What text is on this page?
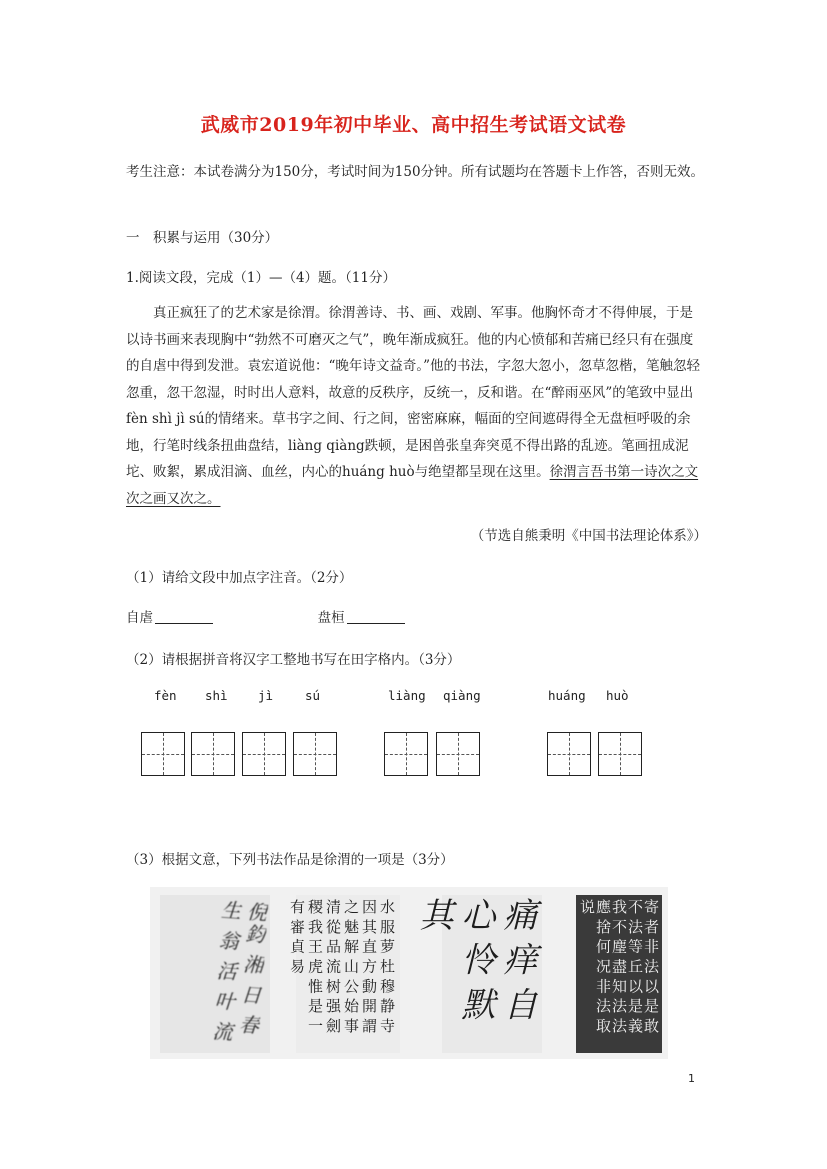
武威市2019年初中毕业、高中招生考试语文试卷
考生注意：本试卷满分为150分，考试时间为150分钟。所有试题均在答题卡上作答，否则无效。
一　积累与运用（30分）
1.阅读文段，完成（1）—（4）题。（11分）

真正疯狂了的艺术家是徐渭。徐渭善诗、书、画、戏剧、军事。他胸怀奇才不得伸展，于是以诗书画来表现胸中“勃然不可磨灭之气”，晚年渐成疯狂。他的内心愤郁和苦痛已经只有在强度的自虐中得到发泄。袁宏道说他：“晚年诗文益奇。”他的书法，字忽大忽小，忽草忽楷，笔触忽轻忽重，忽干忽湿，时时出人意料，故意的反秩序，反统一，反和谐。在“醉雨巫风”的笔致中显出fèn shì jì sú的情绪来。草书字之间、行之间，密密麻麻，幅面的空间遮碍得全无盘桓呼吸的余地，行笔时线条扭曲盘结，liàng qiàng跌顿，是困兽张皇奔突觅不得出路的乱迹。笔画扭成泥坨、败絮，累成泪滴、血丝，内心的huáng huò与绝望都呈现在这里。徐渭言吾书第一诗次之文次之画又次之。

（节选自熊秉明《中国书法理论体系》）
（1）请给文段中加点字注音。（2分）
自虐	盘桓
（2）请根据拼音将汉字工整地书写在田字格内。（3分）
fèn shì jì	sú	liàng qiàng	huáng huò
（3）根据文意，下列书法作品是徐渭的一项是（3分）
倪鈞 湘 日 春 生 翁 活 叶 流	水 服 萝 杜 穆 静 寺 因 其 直 方 動 開 謂 之 魅 解 山 公 始 事 清 從 品 流 树 强 劍 稷 我 王 虎 惟 是 一 有 審 貞 易	痛 痒 自 心 怜 默 其	寄 者 非 法 以 是 敢 不 法 等 丘 以 是 義 我 不 麈 盡 知 法 法 應 捨 何 况 非 法 取 说
1
